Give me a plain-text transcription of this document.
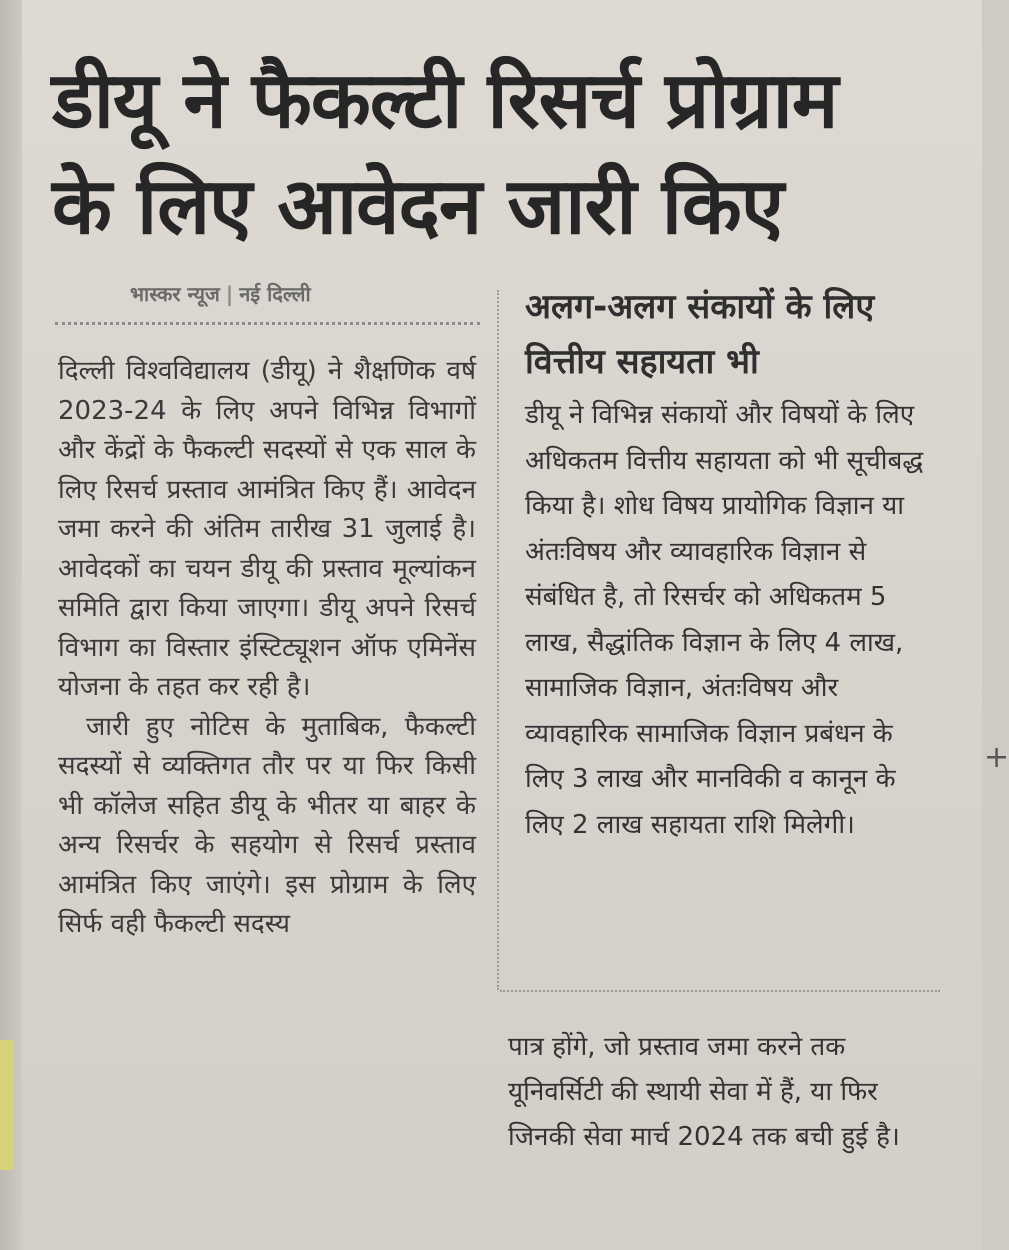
डीयू ने फैकल्टी रिसर्च प्रोग्राम
के लिए आवेदन जारी किए
भास्कर न्यूज | नई दिल्ली

दिल्ली विश्वविद्यालय (डीयू) ने शैक्षणिक वर्ष 2023-24 के लिए अपने विभिन्न विभागों और केंद्रों के फैकल्टी सदस्यों से एक साल के लिए रिसर्च प्रस्ताव आमंत्रित किए हैं। आवेदन जमा करने की अंतिम तारीख 31 जुलाई है। आवेदकों का चयन डीयू की प्रस्ताव मूल्यांकन समिति द्वारा किया जाएगा। डीयू अपने रिसर्च विभाग का विस्तार इंस्टिट्यूशन ऑफ एमिनेंस योजना के तहत कर रही है।

जारी हुए नोटिस के मुताबिक, फैकल्टी सदस्यों से व्यक्तिगत तौर पर या फिर किसी भी कॉलेज सहित डीयू के भीतर या बाहर के अन्य रिसर्चर के सहयोग से रिसर्च प्रस्ताव आमंत्रित किए जाएंगे। इस प्रोग्राम के लिए सिर्फ वही फैकल्टी सदस्य

अलग-अलग संकायों के लिए वित्तीय सहायता भी

डीयू ने विभिन्न संकायों और विषयों के लिए अधिकतम वित्तीय सहायता को भी सूचीबद्ध किया है। शोध विषय प्रायोगिक विज्ञान या अंतःविषय और व्यावहारिक विज्ञान से संबंधित है, तो रिसर्चर को अधिकतम 5 लाख, सैद्धांतिक विज्ञान के लिए 4 लाख, सामाजिक विज्ञान, अंतःविषय और व्यावहारिक सामाजिक विज्ञान प्रबंधन के लिए 3 लाख और मानविकी व कानून के लिए 2 लाख सहायता राशि मिलेगी।

पात्र होंगे, जो प्रस्ताव जमा करने तक यूनिवर्सिटी की स्थायी सेवा में हैं, या फिर जिनकी सेवा मार्च 2024 तक बची हुई है।

+
